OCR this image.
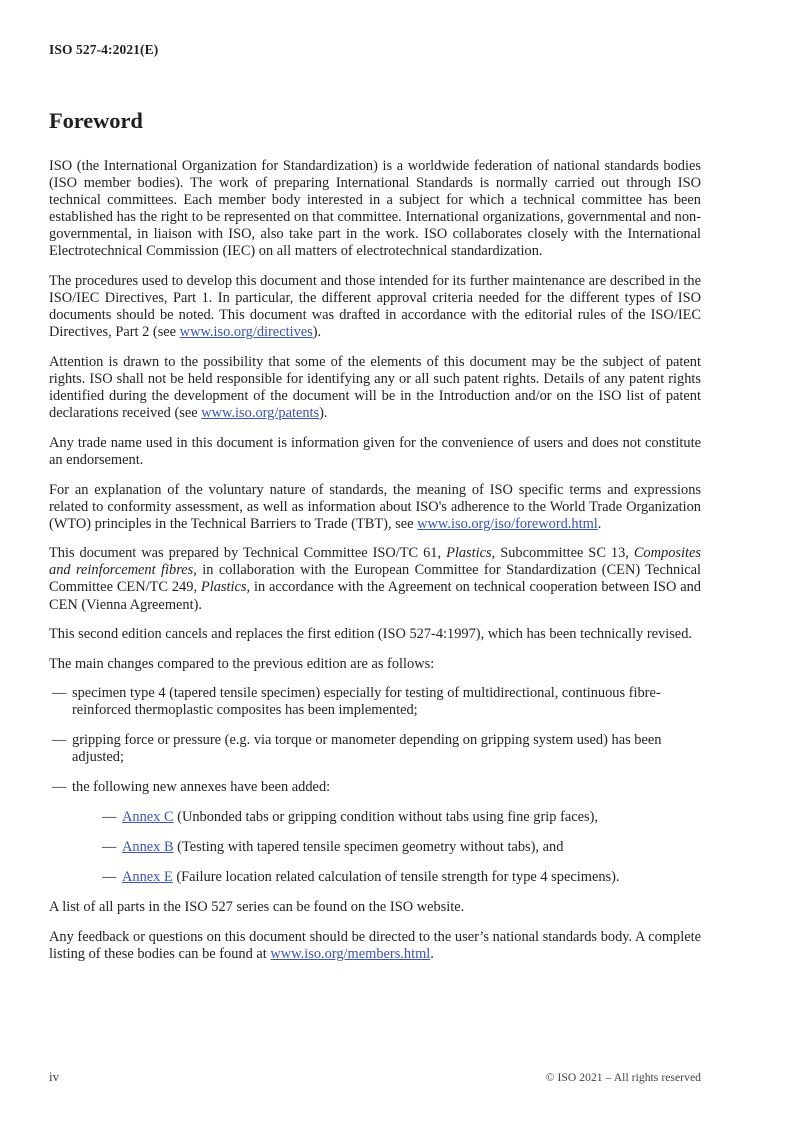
ISO 527-4:2021(E)

Foreword

ISO (the International Organization for Standardization) is a worldwide federation of national standards bodies (ISO member bodies). The work of preparing International Standards is normally carried out through ISO technical committees. Each member body interested in a subject for which a technical committee has been established has the right to be represented on that committee. International organizations, governmental and non-governmental, in liaison with ISO, also take part in the work. ISO collaborates closely with the International Electrotechnical Commission (IEC) on all matters of electrotechnical standardization.

The procedures used to develop this document and those intended for its further maintenance are described in the ISO/IEC Directives, Part 1. In particular, the different approval criteria needed for the different types of ISO documents should be noted. This document was drafted in accordance with the editorial rules of the ISO/IEC Directives, Part 2 (see www.iso.org/directives).

Attention is drawn to the possibility that some of the elements of this document may be the subject of patent rights. ISO shall not be held responsible for identifying any or all such patent rights. Details of any patent rights identified during the development of the document will be in the Introduction and/or on the ISO list of patent declarations received (see www.iso.org/patents).

Any trade name used in this document is information given for the convenience of users and does not constitute an endorsement.

For an explanation of the voluntary nature of standards, the meaning of ISO specific terms and expressions related to conformity assessment, as well as information about ISO's adherence to the World Trade Organization (WTO) principles in the Technical Barriers to Trade (TBT), see www.iso.org/iso/foreword.html.

This document was prepared by Technical Committee ISO/TC 61, Plastics, Subcommittee SC 13, Composites and reinforcement fibres, in collaboration with the European Committee for Standardization (CEN) Technical Committee CEN/TC 249, Plastics, in accordance with the Agreement on technical cooperation between ISO and CEN (Vienna Agreement).

This second edition cancels and replaces the first edition (ISO 527-4:1997), which has been technically revised.

The main changes compared to the previous edition are as follows:

— specimen type 4 (tapered tensile specimen) especially for testing of multidirectional, continuous fibre-reinforced thermoplastic composites has been implemented;
— gripping force or pressure (e.g. via torque or manometer depending on gripping system used) has been adjusted;
— the following new annexes have been added:
— Annex C (Unbonded tabs or gripping condition without tabs using fine grip faces),
— Annex B (Testing with tapered tensile specimen geometry without tabs), and
— Annex E (Failure location related calculation of tensile strength for type 4 specimens).

A list of all parts in the ISO 527 series can be found on the ISO website.

Any feedback or questions on this document should be directed to the user’s national standards body. A complete listing of these bodies can be found at www.iso.org/members.html.

iv	© ISO 2021 – All rights reserved
